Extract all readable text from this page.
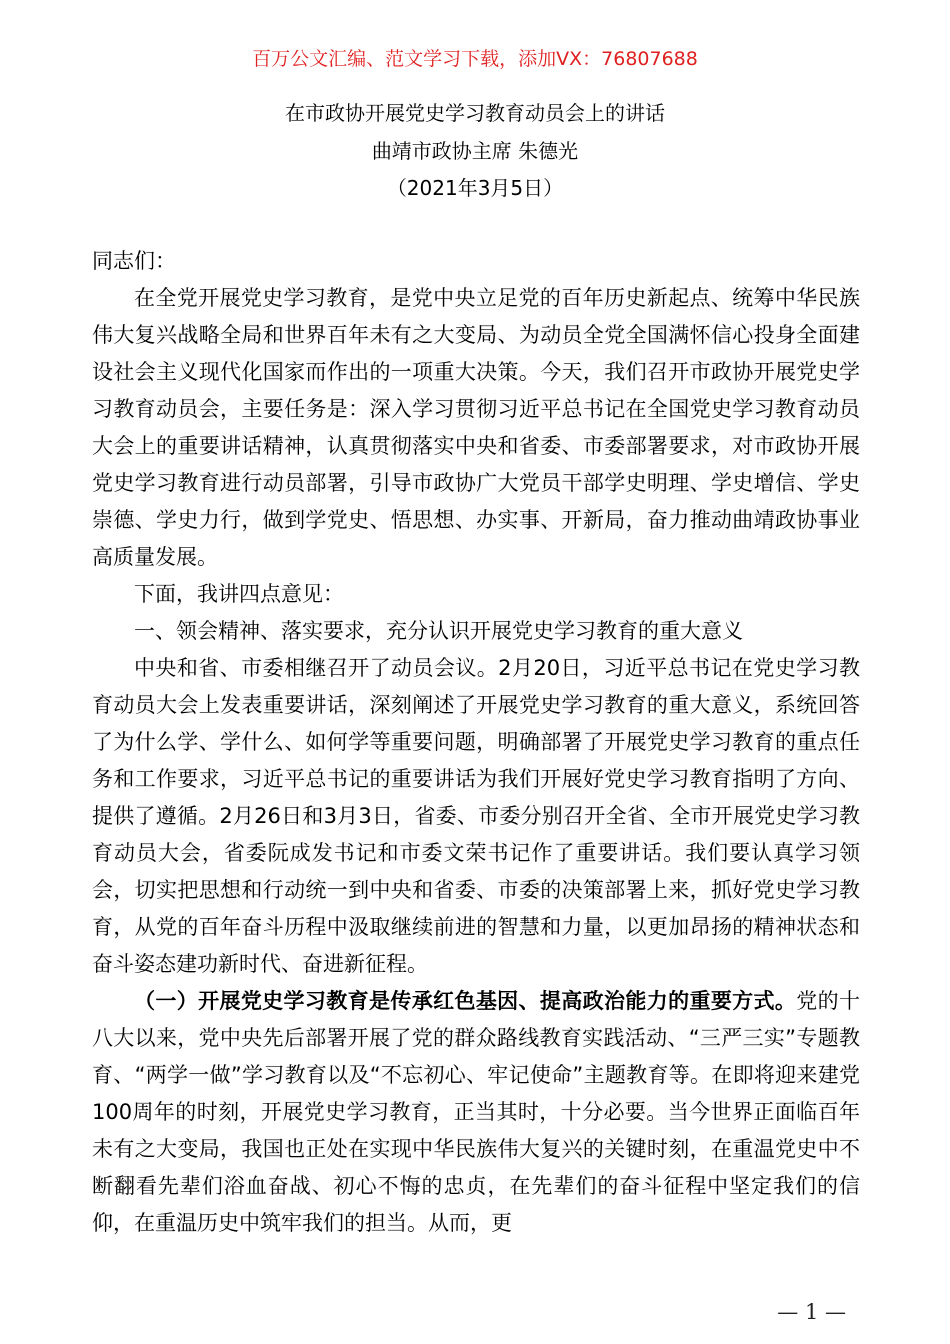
百万公文汇编、范文学习下载，添加VX：76807688
在市政协开展党史学习教育动员会上的讲话
曲靖市政协主席 朱德光
（2021年3月5日）

同志们：

在全党开展党史学习教育，是党中央立足党的百年历史新起点、统筹中华民族伟大复兴战略全局和世界百年未有之大变局、为动员全党全国满怀信心投身全面建设社会主义现代化国家而作出的一项重大决策。今天，我们召开市政协开展党史学习教育动员会，主要任务是：深入学习贯彻习近平总书记在全国党史学习教育动员大会上的重要讲话精神，认真贯彻落实中央和省委、市委部署要求，对市政协开展党史学习教育进行动员部署，引导市政协广大党员干部学史明理、学史增信、学史崇德、学史力行，做到学党史、悟思想、办实事、开新局，奋力推动曲靖政协事业高质量发展。

下面，我讲四点意见：

一、领会精神、落实要求，充分认识开展党史学习教育的重大意义

中央和省、市委相继召开了动员会议。2月20日，习近平总书记在党史学习教育动员大会上发表重要讲话，深刻阐述了开展党史学习教育的重大意义，系统回答了为什么学、学什么、如何学等重要问题，明确部署了开展党史学习教育的重点任务和工作要求，习近平总书记的重要讲话为我们开展好党史学习教育指明了方向、提供了遵循。2月26日和3月3日，省委、市委分别召开全省、全市开展党史学习教育动员大会，省委阮成发书记和市委文荣书记作了重要讲话。我们要认真学习领会，切实把思想和行动统一到中央和省委、市委的决策部署上来，抓好党史学习教育，从党的百年奋斗历程中汲取继续前进的智慧和力量，以更加昂扬的精神状态和奋斗姿态建功新时代、奋进新征程。

（一）开展党史学习教育是传承红色基因、提高政治能力的重要方式。党的十八大以来，党中央先后部署开展了党的群众路线教育实践活动、“三严三实”专题教育、“两学一做”学习教育以及“不忘初心、牢记使命”主题教育等。在即将迎来建党100周年的时刻，开展党史学习教育，正当其时，十分必要。当今世界正面临百年未有之大变局，我国也正处在实现中华民族伟大复兴的关键时刻，在重温党史中不断翻看先辈们浴血奋战、初心不悔的忠贞，在先辈们的奋斗征程中坚定我们的信仰，在重温历史中筑牢我们的担当。从而，更

— 1 —
